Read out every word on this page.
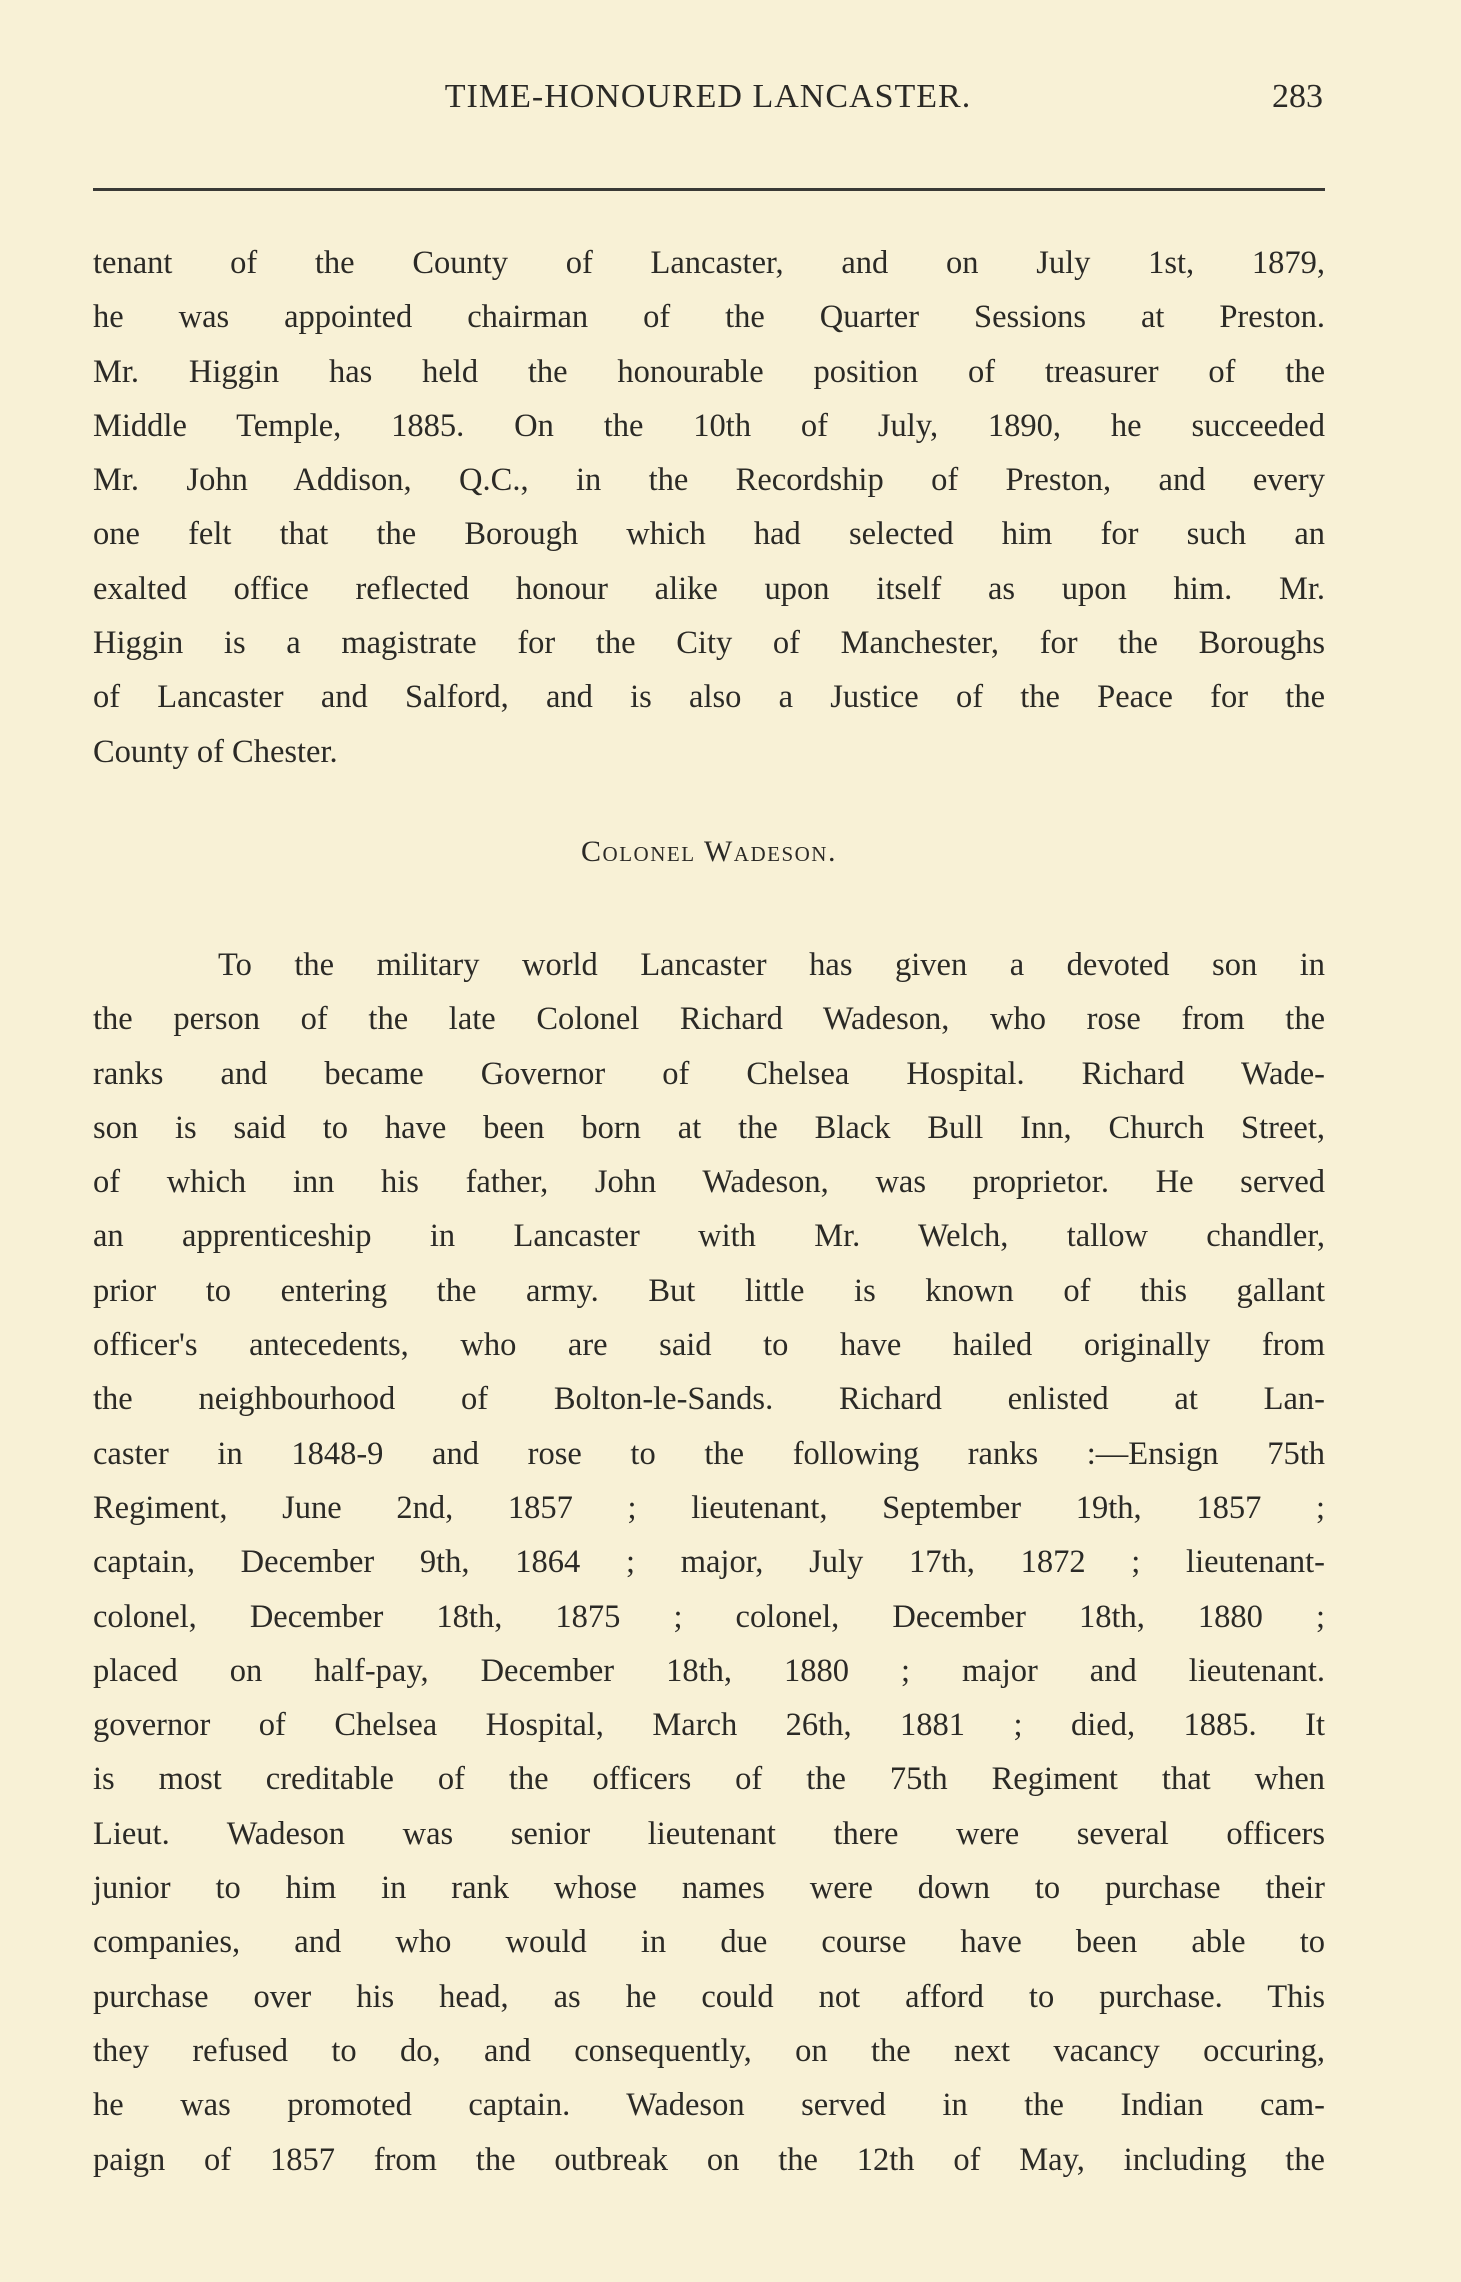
TIME-HONOURED LANCASTER.	283
tenant of the County of Lancaster, and on July 1st, 1879,
he was appointed chairman of the Quarter Sessions at Preston.
Mr. Higgin has held the honourable position of treasurer of the
Middle Temple, 1885. On the 10th of July, 1890, he succeeded
Mr. John Addison, Q.C., in the Recordship of Preston, and every
one felt that the Borough which had selected him for such an
exalted office reflected honour alike upon itself as upon him. Mr.
Higgin is a magistrate for the City of Manchester, for the Boroughs
of Lancaster and Salford, and is also a Justice of the Peace for the
County of Chester.
Colonel Wadeson.
To the military world Lancaster has given a devoted son in
the person of the late Colonel Richard Wadeson, who rose from the
ranks and became Governor of Chelsea Hospital. Richard Wade-
son is said to have been born at the Black Bull Inn, Church Street,
of which inn his father, John Wadeson, was proprietor. He served
an apprenticeship in Lancaster with Mr. Welch, tallow chandler,
prior to entering the army. But little is known of this gallant
officer's antecedents, who are said to have hailed originally from
the neighbourhood of Bolton-le-Sands. Richard enlisted at Lan-
caster in 1848-9 and rose to the following ranks :—Ensign 75th
Regiment, June 2nd, 1857 ; lieutenant, September 19th, 1857 ;
captain, December 9th, 1864 ; major, July 17th, 1872 ; lieutenant-
colonel, December 18th, 1875 ; colonel, December 18th, 1880 ;
placed on half-pay, December 18th, 1880 ; major and lieutenant.
governor of Chelsea Hospital, March 26th, 1881 ; died, 1885. It
is most creditable of the officers of the 75th Regiment that when
Lieut. Wadeson was senior lieutenant there were several officers
junior to him in rank whose names were down to purchase their
companies, and who would in due course have been able to
purchase over his head, as he could not afford to purchase. This
they refused to do, and consequently, on the next vacancy occuring,
he was promoted captain. Wadeson served in the Indian cam-
paign of 1857 from the outbreak on the 12th of May, including the
